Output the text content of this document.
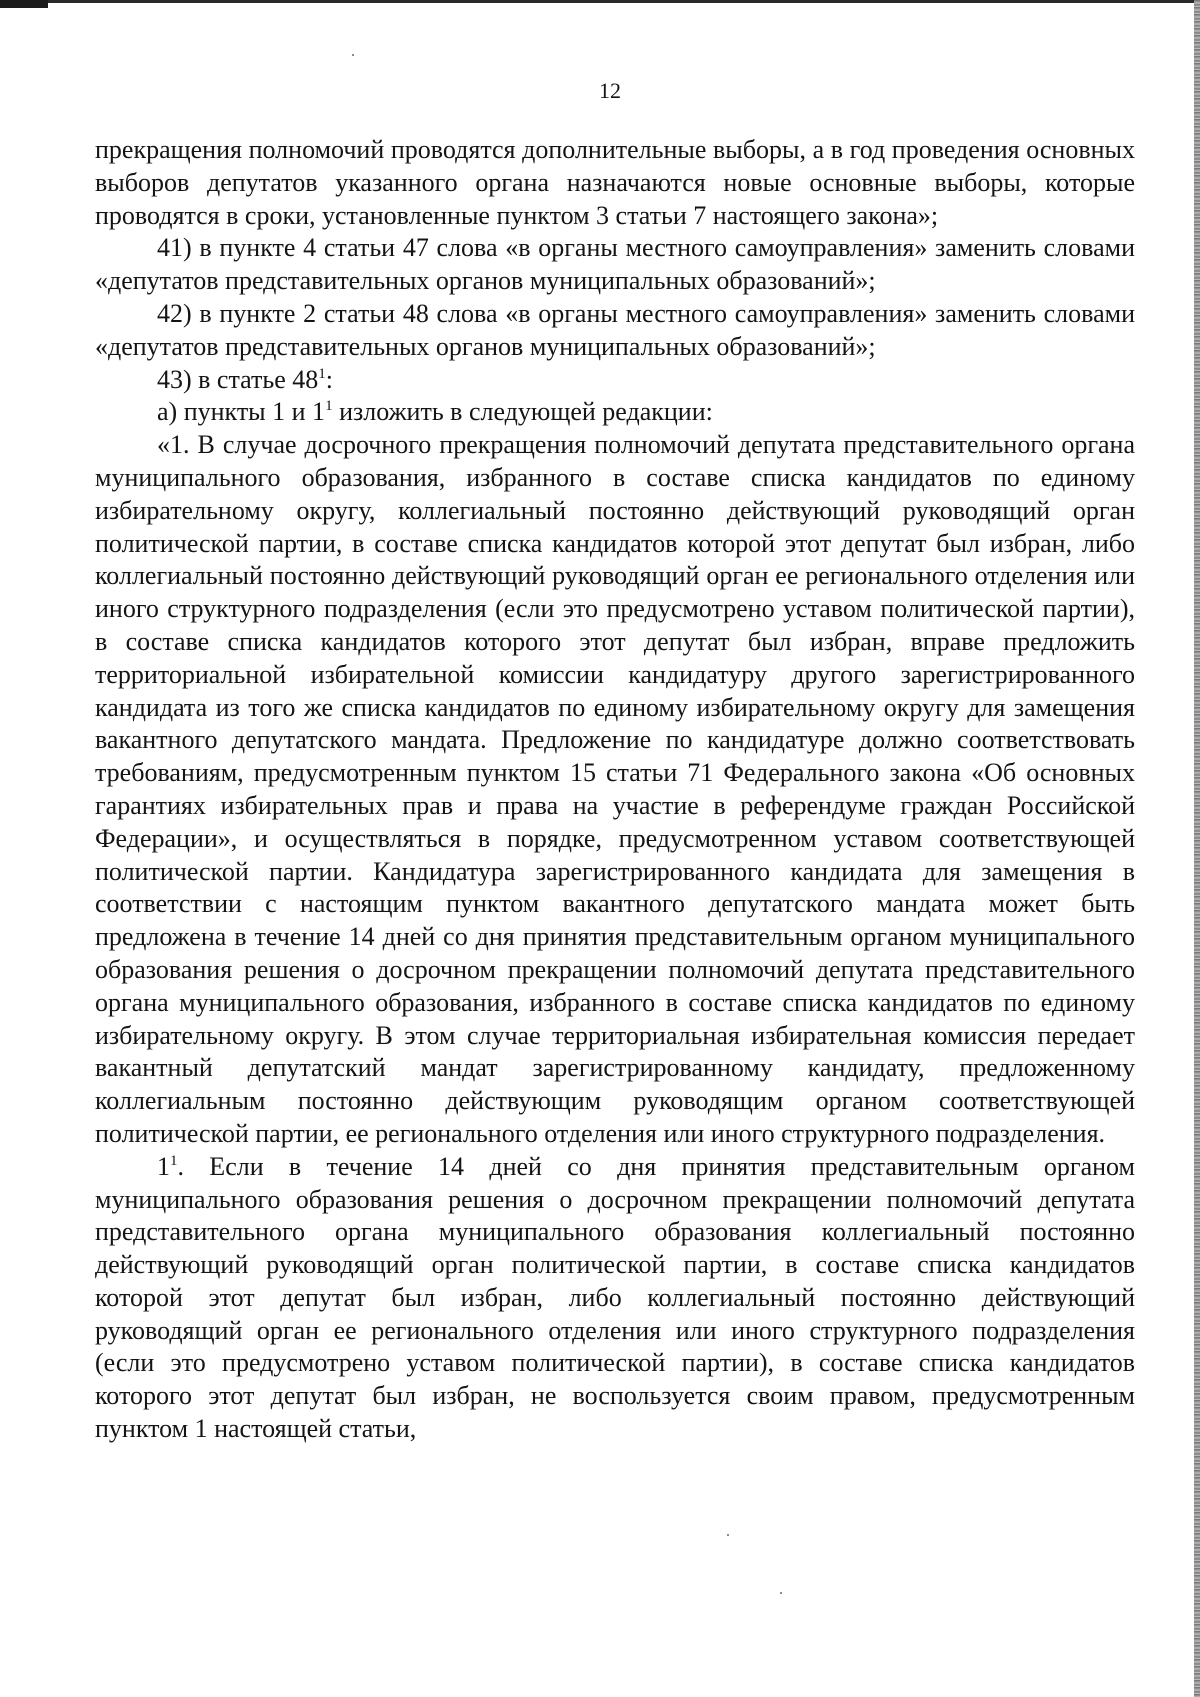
12

прекращения полномочий проводятся дополнительные выборы, а в год проведения основных выборов депутатов указанного органа назначаются новые основные выборы, которые проводятся в сроки, установленные пунктом 3 статьи 7 настоящего закона»;

41) в пункте 4 статьи 47 слова «в органы местного самоуправления» заменить словами «депутатов представительных органов муниципальных образований»;

42) в пункте 2 статьи 48 слова «в органы местного самоуправления» заменить словами «депутатов представительных органов муниципальных образований»;

43) в статье $48^1$:

а) пункты 1 и $1^1$ изложить в следующей редакции:

«1. В случае досрочного прекращения полномочий депутата представительного органа муниципального образования, избранного в составе списка кандидатов по единому избирательному округу, коллегиальный постоянно действующий руководящий орган политической партии, в составе списка кандидатов которой этот депутат был избран, либо коллегиальный постоянно действующий руководящий орган ее регионального отделения или иного структурного подразделения (если это предусмотрено уставом политической партии), в составе списка кандидатов которого этот депутат был избран, вправе предложить территориальной избирательной комиссии кандидатуру другого зарегистрированного кандидата из того же списка кандидатов по единому избирательному округу для замещения вакантного депутатского мандата. Предложение по кандидатуре должно соответствовать требованиям, предусмотренным пунктом 15 статьи 71 Федерального закона «Об основных гарантиях избирательных прав и права на участие в референдуме граждан Российской Федерации», и осуществляться в порядке, предусмотренном уставом соответствующей политической партии. Кандидатура зарегистрированного кандидата для замещения в соответствии с настоящим пунктом вакантного депутатского мандата может быть предложена в течение 14 дней со дня принятия представительным органом муниципального образования решения о досрочном прекращении полномочий депутата представительного органа муниципального образования, избранного в составе списка кандидатов по единому избирательному округу. В этом случае территориальная избирательная комиссия передает вакантный депутатский мандат зарегистрированному кандидату, предложенному коллегиальным постоянно действующим руководящим органом соответствующей политической партии, ее регионального отделения или иного структурного подразделения.

$1^1$. Если в течение 14 дней со дня принятия представительным органом муниципального образования решения о досрочном прекращении полномочий депутата представительного органа муниципального образования коллегиальный постоянно действующий руководящий орган политической партии, в составе списка кандидатов которой этот депутат был избран, либо коллегиальный постоянно действующий руководящий орган ее регионального отделения или иного структурного подразделения (если это предусмотрено уставом политической партии), в составе списка кандидатов которого этот депутат был избран, не воспользуется своим правом, предусмотренным пунктом 1 настоящей статьи,
